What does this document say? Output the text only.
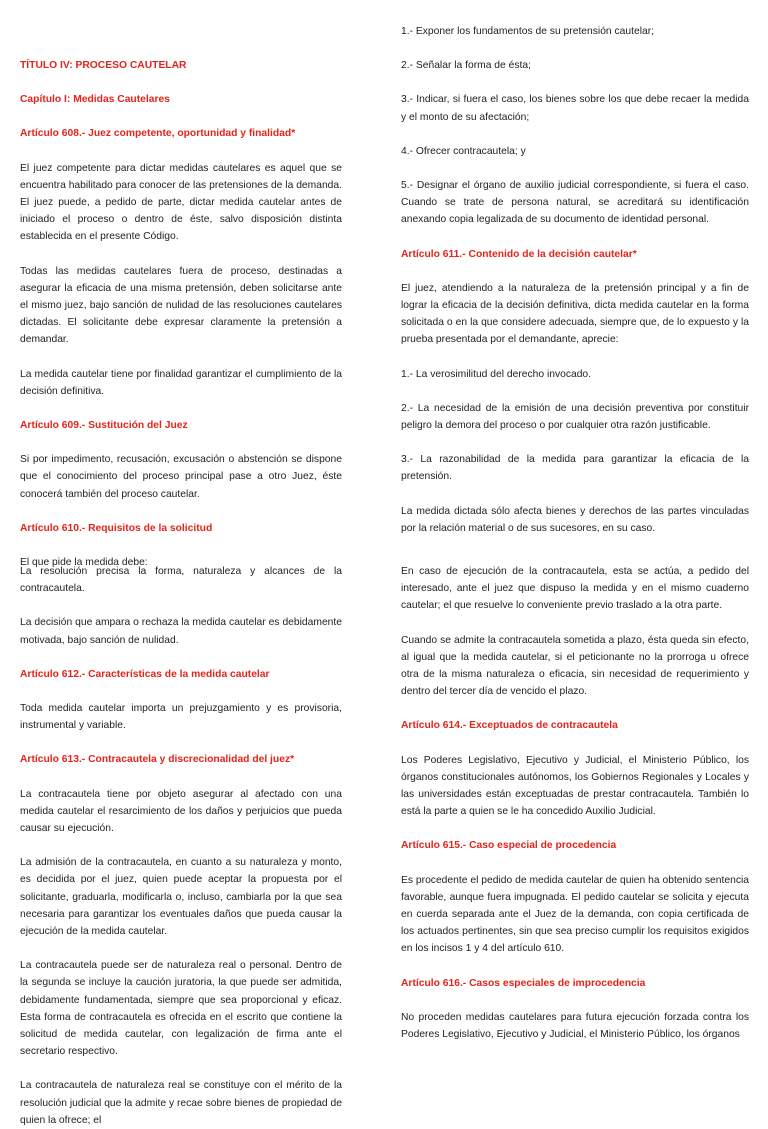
TÍTULO IV: PROCESO CAUTELAR

Capítulo I: Medidas Cautelares

Artículo 608.- Juez competente, oportunidad y finalidad*

El juez competente para dictar medidas cautelares es aquel que se encuentra habilitado para conocer de las pretensiones de la demanda. El juez puede, a pedido de parte, dictar medida cautelar antes de iniciado el proceso o dentro de éste, salvo disposición distinta establecida en el presente Código.

Todas las medidas cautelares fuera de proceso, destinadas a asegurar la eficacia de una misma pretensión, deben solicitarse ante el mismo juez, bajo sanción de nulidad de las resoluciones cautelares dictadas. El solicitante debe expresar claramente la pretensión a demandar.

La medida cautelar tiene por finalidad garantizar el cumplimiento de la decisión definitiva.

Artículo 609.- Sustitución del Juez

Si por impedimento, recusación, excusación o abstención se dispone que el conocimiento del proceso principal pase a otro Juez, éste conocerá también del proceso cautelar.

Artículo 610.- Requisitos de la solicitud

El que pide la medida debe:

1.- Exponer los fundamentos de su pretensión cautelar;

2.- Señalar la forma de ésta;

3.- Indicar, si fuera el caso, los bienes sobre los que debe recaer la medida y el monto de su afectación;

4.- Ofrecer contracautela; y

5.- Designar el órgano de auxilio judicial correspondiente, si fuera el caso. Cuando se trate de persona natural, se acreditará su identificación anexando copia legalizada de su documento de identidad personal.

Artículo 611.- Contenido de la decisión cautelar*

El juez, atendiendo a la naturaleza de la pretensión principal y a fin de lograr la eficacia de la decisión definitiva, dicta medida cautelar en la forma solicitada o en la que considere adecuada, siempre que, de lo expuesto y la prueba presentada por el demandante, aprecie:

1.- La verosimilitud del derecho invocado.

2.- La necesidad de la emisión de una decisión preventiva por constituir peligro la demora del proceso o por cualquier otra razón justificable.

3.- La razonabilidad de la medida para garantizar la eficacia de la pretensión.

La medida dictada sólo afecta bienes y derechos de las partes vinculadas por la relación material o de sus sucesores, en su caso.

La resolución precisa la forma, naturaleza y alcances de la contracautela.

La decisión que ampara o rechaza la medida cautelar es debidamente motivada, bajo sanción de nulidad.

Artículo 612.- Características de la medida cautelar

Toda medida cautelar importa un prejuzgamiento y es provisoria, instrumental y variable.

Artículo 613.- Contracautela y discrecionalidad del juez*

La contracautela tiene por objeto asegurar al afectado con una medida cautelar el resarcimiento de los daños y perjuicios que pueda causar su ejecución.

La admisión de la contracautela, en cuanto a su naturaleza y monto, es decidida por el juez, quien puede aceptar la propuesta por el solicitante, graduarla, modificarla o, incluso, cambiarla por la que sea necesaria para garantizar los eventuales daños que pueda causar la ejecución de la medida cautelar.

La contracautela puede ser de naturaleza real o personal. Dentro de la segunda se incluye la caución juratoria, la que puede ser admitida, debidamente fundamentada, siempre que sea proporcional y eficaz. Esta forma de contracautela es ofrecida en el escrito que contiene la solicitud de medida cautelar, con legalización de firma ante el secretario respectivo.

La contracautela de naturaleza real se constituye con el mérito de la resolución judicial que la admite y recae sobre bienes de propiedad de quien la ofrece; el

En caso de ejecución de la contracautela, esta se actúa, a pedido del interesado, ante el juez que dispuso la medida y en el mismo cuaderno cautelar; el que resuelve lo conveniente previo traslado a la otra parte.

Cuando se admite la contracautela sometida a plazo, ésta queda sin efecto, al igual que la medida cautelar, si el peticionante no la prorroga u ofrece otra de la misma naturaleza o eficacia, sin necesidad de requerimiento y dentro del tercer día de vencido el plazo.

Artículo 614.- Exceptuados de contracautela

Los Poderes Legislativo, Ejecutivo y Judicial, el Ministerio Público, los órganos constitucionales autónomos, los Gobiernos Regionales y Locales y las universidades están exceptuadas de prestar contracautela. También lo está la parte a quien se le ha concedido Auxilio Judicial.

Artículo 615.- Caso especial de procedencia

Es procedente el pedido de medida cautelar de quien ha obtenido sentencia favorable, aunque fuera impugnada. El pedido cautelar se solicita y ejecuta en cuerda separada ante el Juez de la demanda, con copia certificada de los actuados pertinentes, sin que sea preciso cumplir los requisitos exigidos en los incisos 1 y 4 del artículo 610.

Artículo 616.- Casos especiales de improcedencia

No proceden medidas cautelares para futura ejecución forzada contra los Poderes Legislativo, Ejecutivo y Judicial, el Ministerio Público, los órganos
